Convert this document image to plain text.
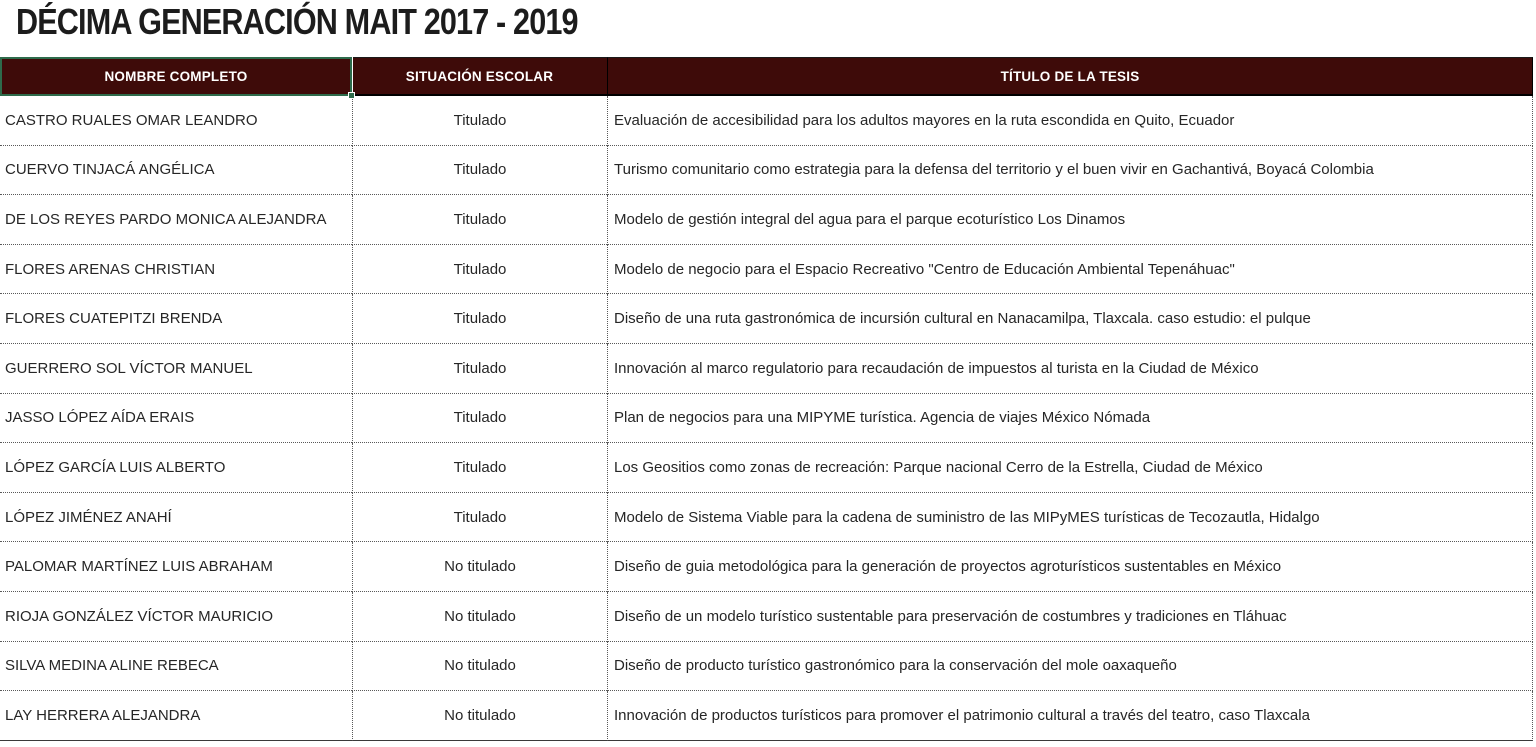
DÉCIMA GENERACIÓN MAIT 2017 - 2019
NOMBRE COMPLETO	SITUACIÓN ESCOLAR	TÍTULO DE LA TESIS
CASTRO RUALES OMAR LEANDRO	Titulado	Evaluación de accesibilidad para los adultos mayores en la ruta escondida en Quito, Ecuador
CUERVO TINJACÁ ANGÉLICA	Titulado	Turismo comunitario como estrategia para la defensa del territorio y el buen vivir en Gachantivá, Boyacá Colombia
DE LOS REYES PARDO MONICA ALEJANDRA	Titulado	Modelo de gestión integral del agua para el parque ecoturístico Los Dinamos
FLORES ARENAS CHRISTIAN	Titulado	Modelo de negocio para el Espacio Recreativo "Centro de Educación Ambiental Tepenáhuac"
FLORES CUATEPITZI BRENDA	Titulado	Diseño de una ruta gastronómica de incursión cultural en Nanacamilpa, Tlaxcala. caso estudio: el pulque
GUERRERO SOL VÍCTOR MANUEL	Titulado	Innovación al marco regulatorio para recaudación de impuestos al turista en la Ciudad de México
JASSO LÓPEZ AÍDA ERAIS	Titulado	Plan de negocios para una MIPYME turística. Agencia de viajes México Nómada
LÓPEZ GARCÍA LUIS ALBERTO	Titulado	Los Geositios como zonas de recreación: Parque nacional Cerro de la Estrella, Ciudad de México
LÓPEZ JIMÉNEZ ANAHÍ	Titulado	Modelo de Sistema Viable para la cadena de suministro de las MIPyMES turísticas de Tecozautla, Hidalgo
PALOMAR MARTÍNEZ LUIS ABRAHAM	No titulado	Diseño de guia metodológica para la generación de proyectos agroturísticos sustentables en México
RIOJA GONZÁLEZ VÍCTOR MAURICIO	No titulado	Diseño de un modelo turístico sustentable para preservación de costumbres y tradiciones en Tláhuac
SILVA MEDINA ALINE REBECA	No titulado	Diseño de producto turístico gastronómico para la conservación del mole oaxaqueño
LAY HERRERA ALEJANDRA	No titulado	Innovación de productos turísticos para promover el patrimonio cultural a través del teatro, caso Tlaxcala
